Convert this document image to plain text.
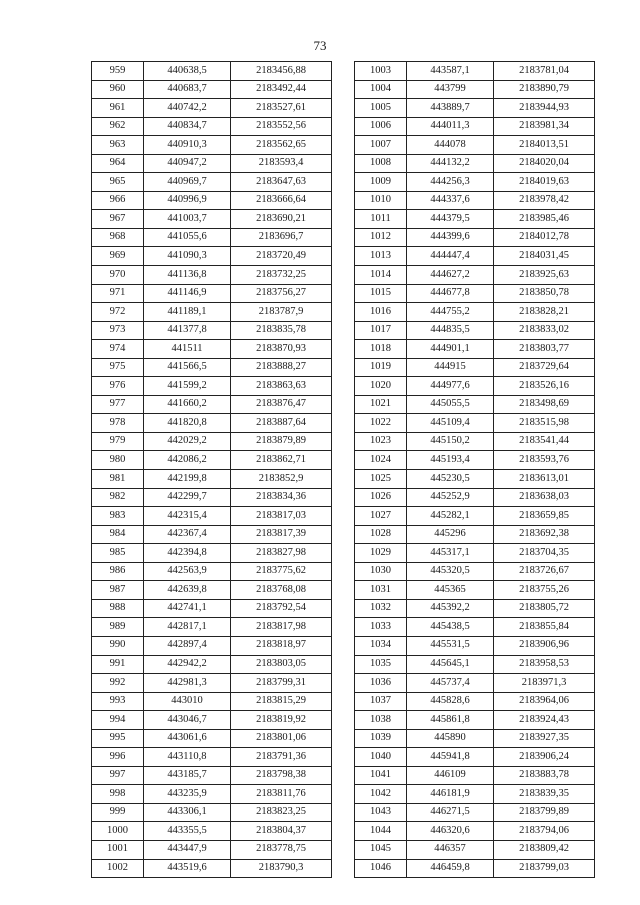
73
959	440638,5	2183456,88
960	440683,7	2183492,44
961	440742,2	2183527,61
962	440834,7	2183552,56
963	440910,3	2183562,65
964	440947,2	2183593,4
965	440969,7	2183647,63
966	440996,9	2183666,64
967	441003,7	2183690,21
968	441055,6	2183696,7
969	441090,3	2183720,49
970	441136,8	2183732,25
971	441146,9	2183756,27
972	441189,1	2183787,9
973	441377,8	2183835,78
974	441511	2183870,93
975	441566,5	2183888,27
976	441599,2	2183863,63
977	441660,2	2183876,47
978	441820,8	2183887,64
979	442029,2	2183879,89
980	442086,2	2183862,71
981	442199,8	2183852,9
982	442299,7	2183834,36
983	442315,4	2183817,03
984	442367,4	2183817,39
985	442394,8	2183827,98
986	442563,9	2183775,62
987	442639,8	2183768,08
988	442741,1	2183792,54
989	442817,1	2183817,98
990	442897,4	2183818,97
991	442942,2	2183803,05
992	442981,3	2183799,31
993	443010	2183815,29
994	443046,7	2183819,92
995	443061,6	2183801,06
996	443110,8	2183791,36
997	443185,7	2183798,38
998	443235,9	2183811,76
999	443306,1	2183823,25
1000	443355,5	2183804,37
1001	443447,9	2183778,75
1002	443519,6	2183790,3
1003	443587,1	2183781,04
1004	443799	2183890,79
1005	443889,7	2183944,93
1006	444011,3	2183981,34
1007	444078	2184013,51
1008	444132,2	2184020,04
1009	444256,3	2184019,63
1010	444337,6	2183978,42
1011	444379,5	2183985,46
1012	444399,6	2184012,78
1013	444447,4	2184031,45
1014	444627,2	2183925,63
1015	444677,8	2183850,78
1016	444755,2	2183828,21
1017	444835,5	2183833,02
1018	444901,1	2183803,77
1019	444915	2183729,64
1020	444977,6	2183526,16
1021	445055,5	2183498,69
1022	445109,4	2183515,98
1023	445150,2	2183541,44
1024	445193,4	2183593,76
1025	445230,5	2183613,01
1026	445252,9	2183638,03
1027	445282,1	2183659,85
1028	445296	2183692,38
1029	445317,1	2183704,35
1030	445320,5	2183726,67
1031	445365	2183755,26
1032	445392,2	2183805,72
1033	445438,5	2183855,84
1034	445531,5	2183906,96
1035	445645,1	2183958,53
1036	445737,4	2183971,3
1037	445828,6	2183964,06
1038	445861,8	2183924,43
1039	445890	2183927,35
1040	445941,8	2183906,24
1041	446109	2183883,78
1042	446181,9	2183839,35
1043	446271,5	2183799,89
1044	446320,6	2183794,06
1045	446357	2183809,42
1046	446459,8	2183799,03
